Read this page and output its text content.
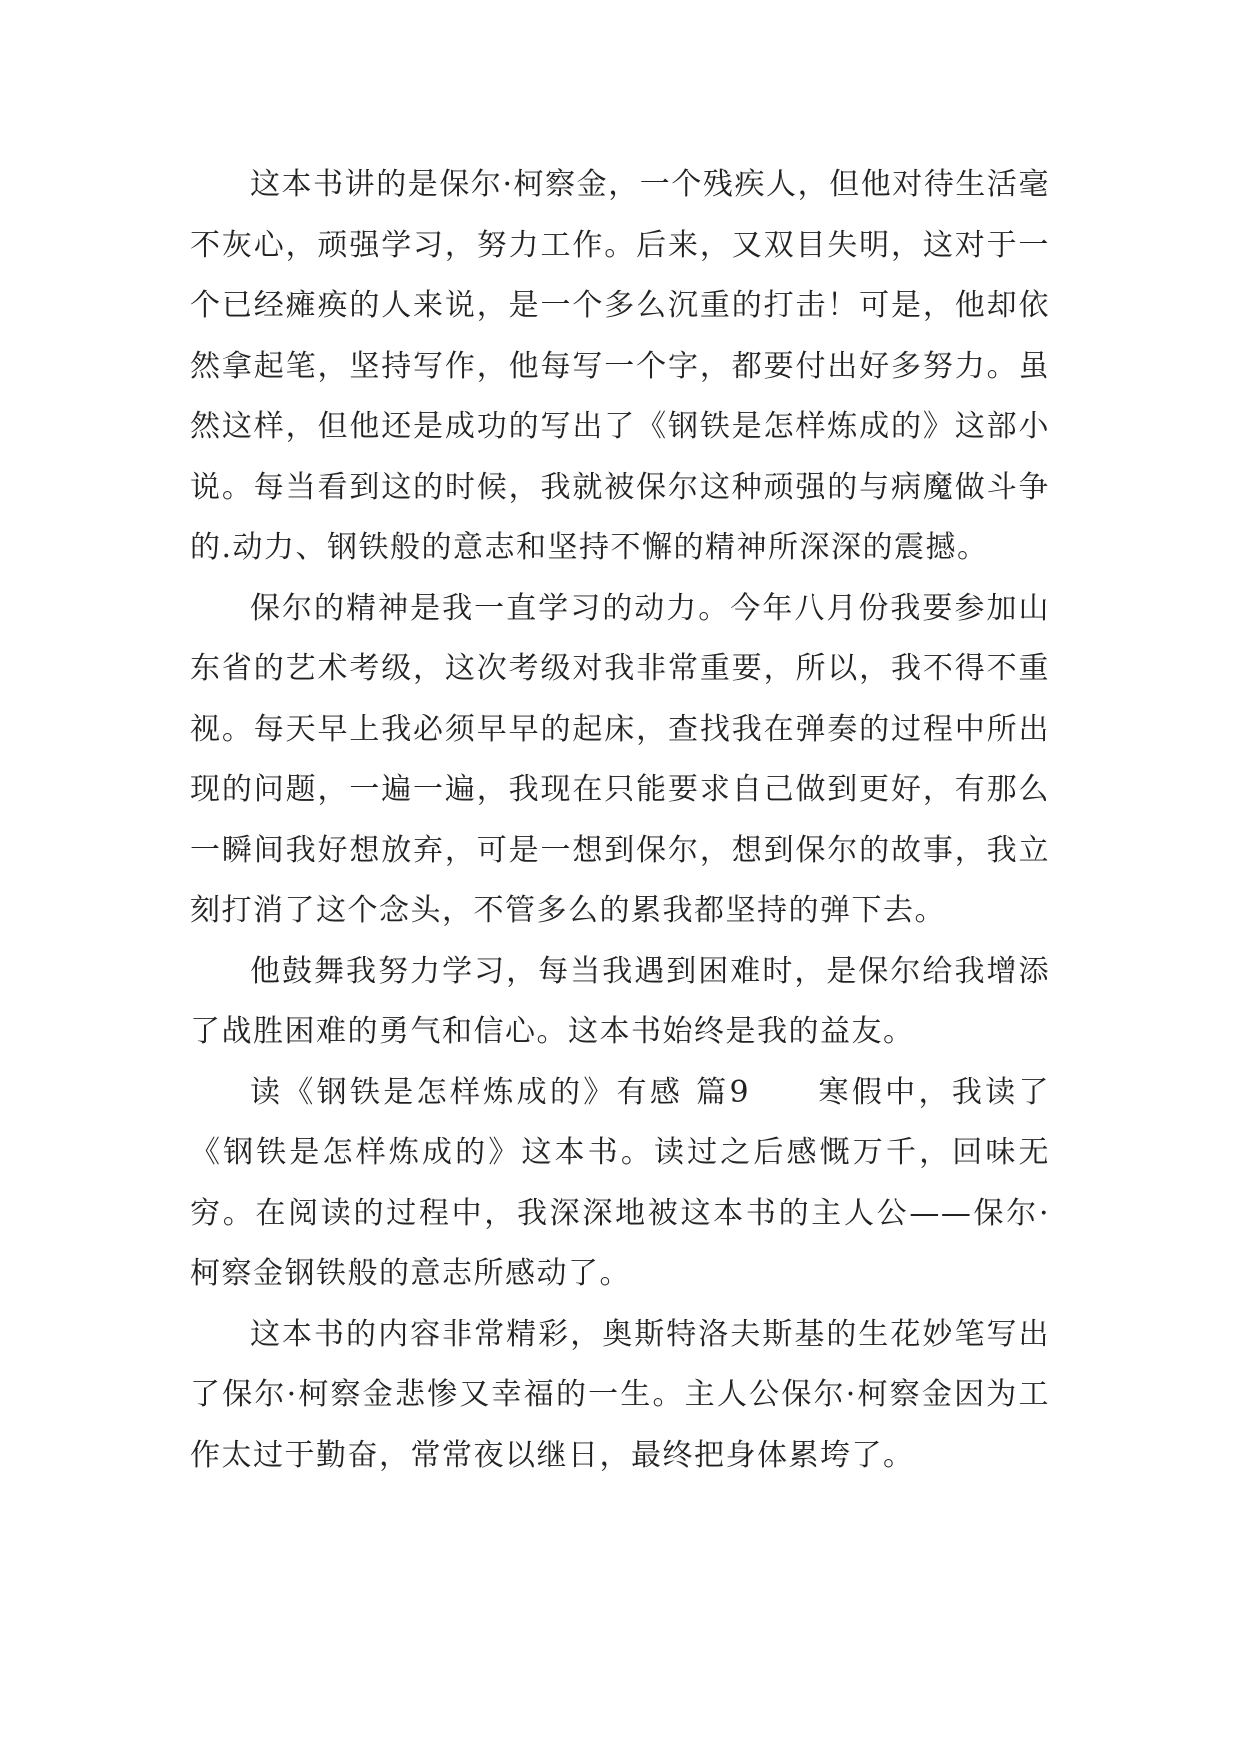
这本书讲的是保尔·柯察金，一个残疾人，但他对待生活毫不灰心，顽强学习，努力工作。后来，又双目失明，这对于一个已经瘫痪的人来说，是一个多么沉重的打击！可是，他却依然拿起笔，坚持写作，他每写一个字，都要付出好多努力。虽然这样，但他还是成功的写出了《钢铁是怎样炼成的》这部小说。每当看到这的时候，我就被保尔这种顽强的与病魔做斗争的.动力、钢铁般的意志和坚持不懈的精神所深深的震撼。

保尔的精神是我一直学习的动力。今年八月份我要参加山东省的艺术考级，这次考级对我非常重要，所以，我不得不重视。每天早上我必须早早的起床，查找我在弹奏的过程中所出现的问题，一遍一遍，我现在只能要求自己做到更好，有那么一瞬间我好想放弃，可是一想到保尔，想到保尔的故事，我立刻打消了这个念头，不管多么的累我都坚持的弹下去。

他鼓舞我努力学习，每当我遇到困难时，是保尔给我增添了战胜困难的勇气和信心。这本书始终是我的益友。

读《钢铁是怎样炼成的》有感 篇9　　寒假中，我读了《钢铁是怎样炼成的》这本书。读过之后感慨万千，回味无穷。在阅读的过程中，我深深地被这本书的主人公——保尔·柯察金钢铁般的意志所感动了。

这本书的内容非常精彩，奥斯特洛夫斯基的生花妙笔写出了保尔·柯察金悲惨又幸福的一生。主人公保尔·柯察金因为工作太过于勤奋，常常夜以继日，最终把身体累垮了。
